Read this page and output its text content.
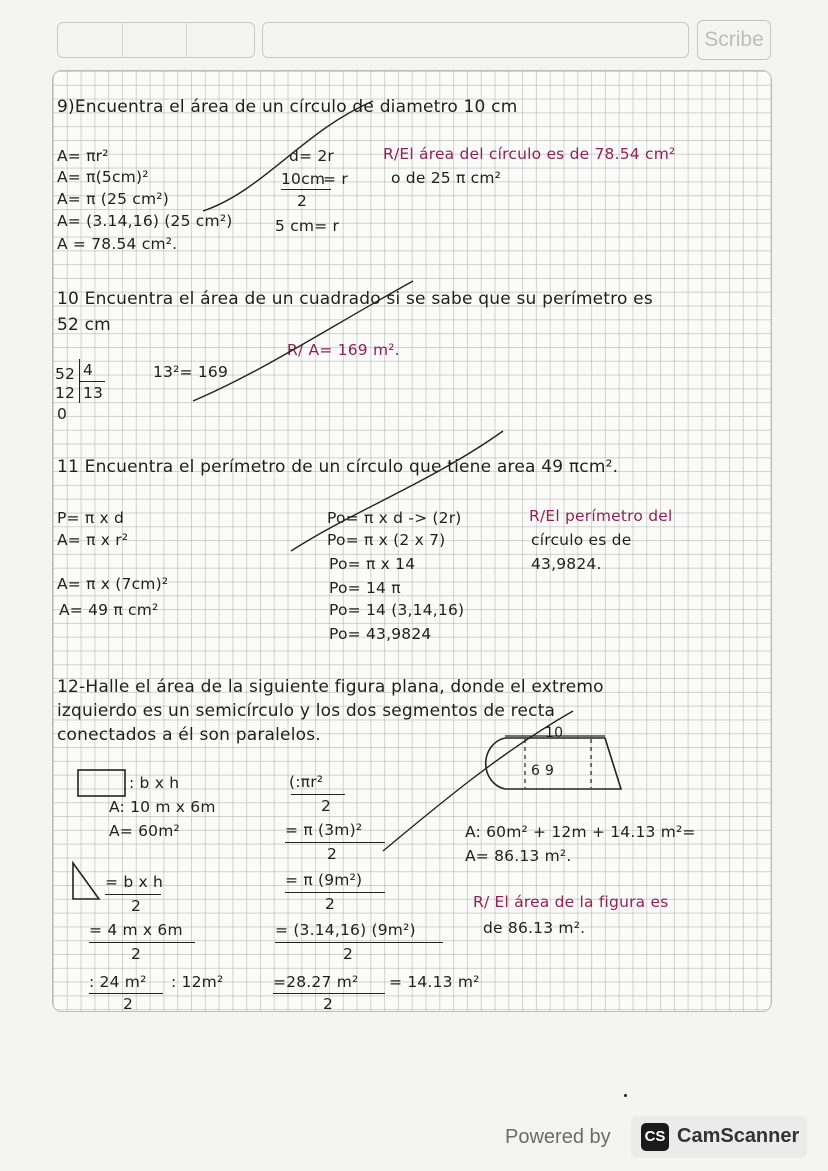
Scribe
9)Encuentra el área de un círculo de diametro 10 cm
A= πr²
A= π(5cm)²
A= π (25 cm²)
A= (3.14,16) (25 cm²)
A = 78.54 cm².
d= 2r
10cm
= r
2
5 cm= r
R/El área del círculo es de 78.54 cm²
o de 25 π cm²
10 Encuentra el área de un cuadrado si se sabe que su perímetro es
52 cm
R/ A= 169 m².
52 4
12 13
0
13²= 169
11 Encuentra el perímetro de un círculo que tiene area 49 πcm².
P= π x d
A= π x r²
A= π x (7cm)²
A= 49 π cm²
Po= π x d -> (2r)
Po= π x (2 x 7)
Po= π x 14
Po= 14 π
Po= 14 (3,14,16)
Po= 43,9824
R/El perímetro del
círculo es de
43,9824.
12-Halle el área de la siguiente figura plana, donde el extremo
izquierdo es un semicírculo y los dos segmentos de recta
conectados a él son paralelos.	10
6 9
: b x h
A: 10 m x 6m
A= 60m²
= b x h
2
= 4 m x 6m
2
: 24 m² : 12m²
2
(:πr²
2
= π (3m)²
2
= π (9m²)
2
= (3.14,16) (9m²)
2
=28.27 m² = 14.13 m²
2
A: 60m² + 12m + 14.13 m²=
A= 86.13 m².
R/ El área de la figura es
de 86.13 m².
Powered by CS CamScanner
